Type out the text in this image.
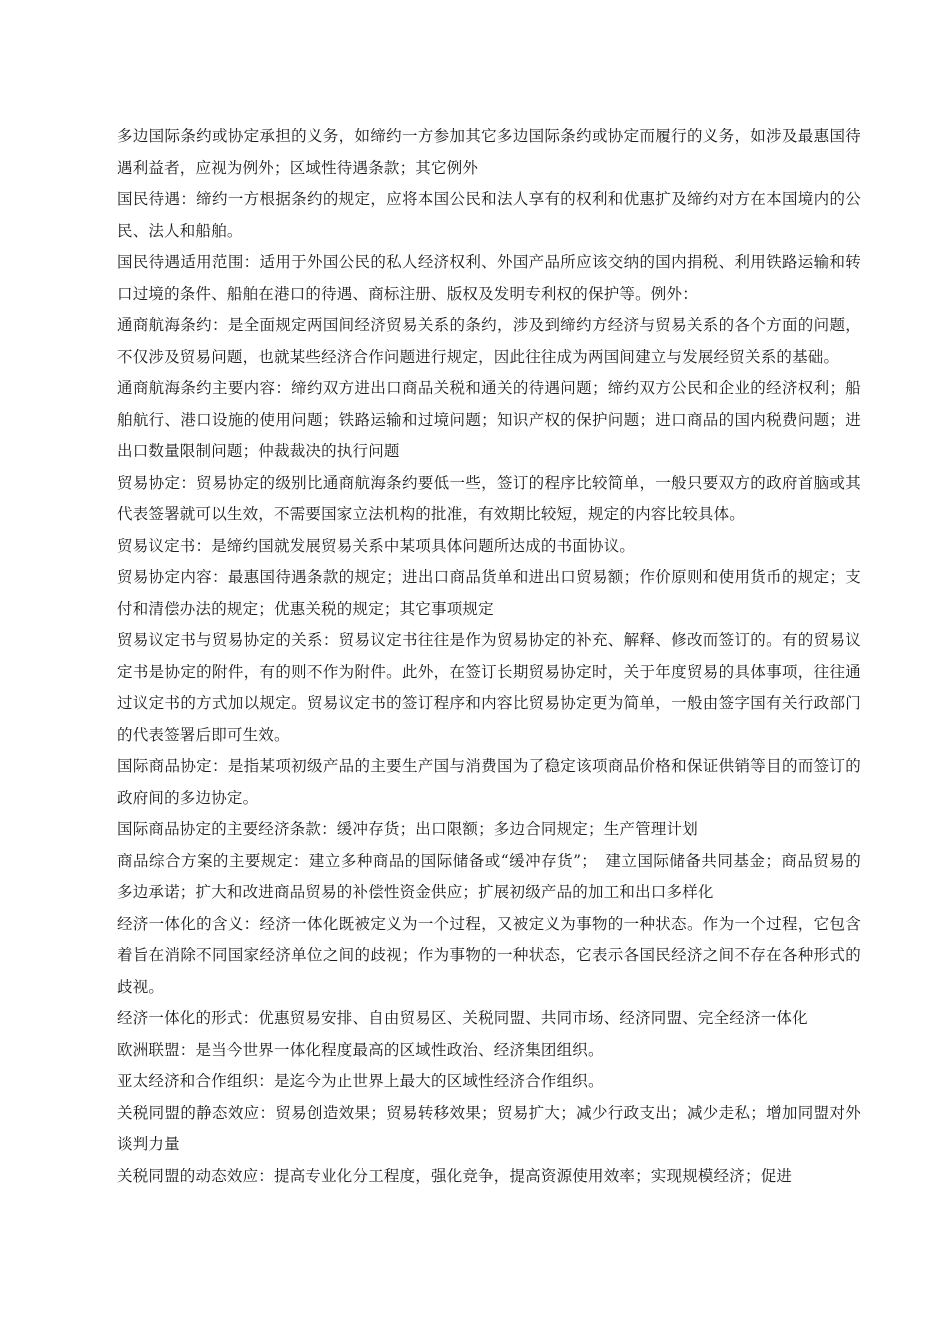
多边国际条约或协定承担的义务，如缔约一方参加其它多边国际条约或协定而履行的义务，如涉及最惠国待遇利益者，应视为例外；区域性待遇条款；其它例外

国民待遇：缔约一方根据条约的规定，应将本国公民和法人享有的权利和优惠扩及缔约对方在本国境内的公民、法人和船舶。

国民待遇适用范围：适用于外国公民的私人经济权利、外国产品所应该交纳的国内捐税、利用铁路运输和转口过境的条件、船舶在港口的待遇、商标注册、版权及发明专利权的保护等。例外：

通商航海条约：是全面规定两国间经济贸易关系的条约，涉及到缔约方经济与贸易关系的各个方面的问题，不仅涉及贸易问题，也就某些经济合作问题进行规定，因此往往成为两国间建立与发展经贸关系的基础。

通商航海条约主要内容：缔约双方进出口商品关税和通关的待遇问题；缔约双方公民和企业的经济权利；船舶航行、港口设施的使用问题；铁路运输和过境问题；知识产权的保护问题；进口商品的国内税费问题；进出口数量限制问题；仲裁裁决的执行问题

贸易协定：贸易协定的级别比通商航海条约要低一些，签订的程序比较简单，一般只要双方的政府首脑或其代表签署就可以生效，不需要国家立法机构的批准，有效期比较短，规定的内容比较具体。

贸易议定书：是缔约国就发展贸易关系中某项具体问题所达成的书面协议。

贸易协定内容：最惠国待遇条款的规定；进出口商品货单和进出口贸易额；作价原则和使用货币的规定；支付和清偿办法的规定；优惠关税的规定；其它事项规定

贸易议定书与贸易协定的关系：贸易议定书往往是作为贸易协定的补充、解释、修改而签订的。有的贸易议定书是协定的附件，有的则不作为附件。此外，在签订长期贸易协定时，关于年度贸易的具体事项，往往通过议定书的方式加以规定。贸易议定书的签订程序和内容比贸易协定更为简单，一般由签字国有关行政部门的代表签署后即可生效。

国际商品协定：是指某项初级产品的主要生产国与消费国为了稳定该项商品价格和保证供销等目的而签订的政府间的多边协定。

国际商品协定的主要经济条款：缓冲存货；出口限额；多边合同规定；生产管理计划

商品综合方案的主要规定：建立多种商品的国际储备或“缓冲存货”；　建立国际储备共同基金；商品贸易的多边承诺；扩大和改进商品贸易的补偿性资金供应；扩展初级产品的加工和出口多样化

经济一体化的含义：经济一体化既被定义为一个过程，又被定义为事物的一种状态。作为一个过程，它包含着旨在消除不同国家经济单位之间的歧视；作为事物的一种状态，它表示各国民经济之间不存在各种形式的歧视。

经济一体化的形式：优惠贸易安排、自由贸易区、关税同盟、共同市场、经济同盟、完全经济一体化

欧洲联盟：是当今世界一体化程度最高的区域性政治、经济集团组织。

亚太经济和合作组织：是迄今为止世界上最大的区域性经济合作组织。

关税同盟的静态效应：贸易创造效果；贸易转移效果；贸易扩大；减少行政支出；减少走私；增加同盟对外谈判力量

关税同盟的动态效应：提高专业化分工程度，强化竞争，提高资源使用效率；实现规模经济；促进
